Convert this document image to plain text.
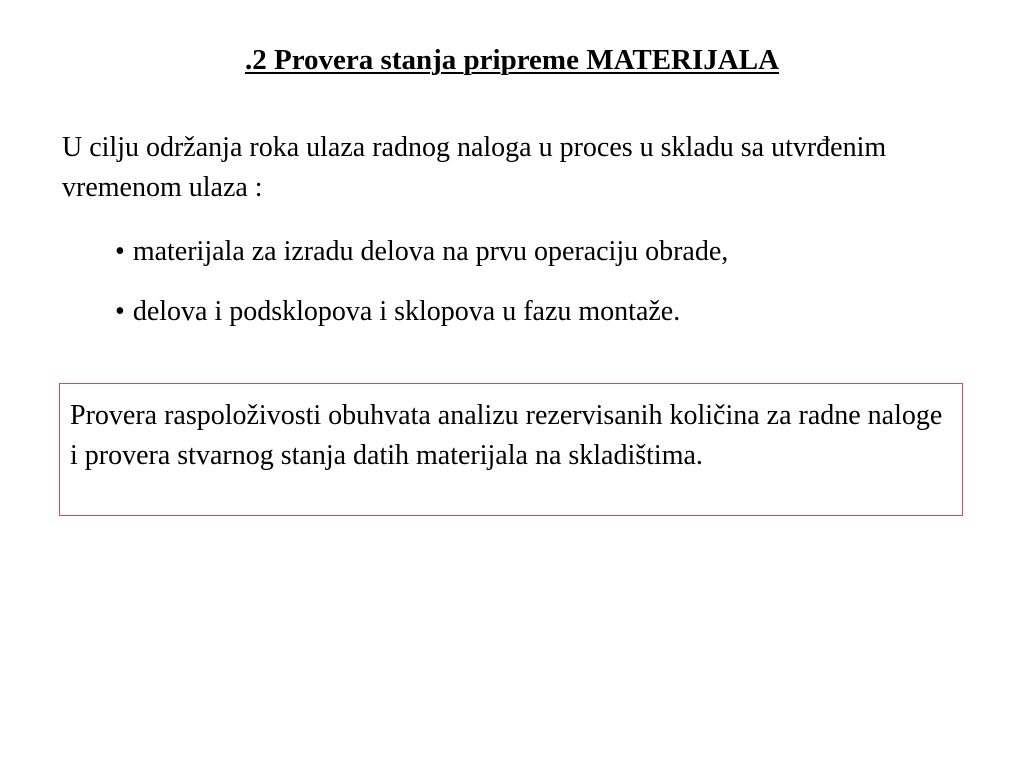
.2 Provera stanja pripreme MATERIJALA

U cilju održanja roka ulaza radnog naloga u proces u skladu sa utvrđenim vremenom ulaza :

• materijala za izradu delova na prvu operaciju obrade,
• delova i podsklopova i sklopova u fazu montaže.

Provera raspoloživosti obuhvata analizu rezervisanih količina za radne naloge i provera stvarnog stanja datih materijala na skladištima.
